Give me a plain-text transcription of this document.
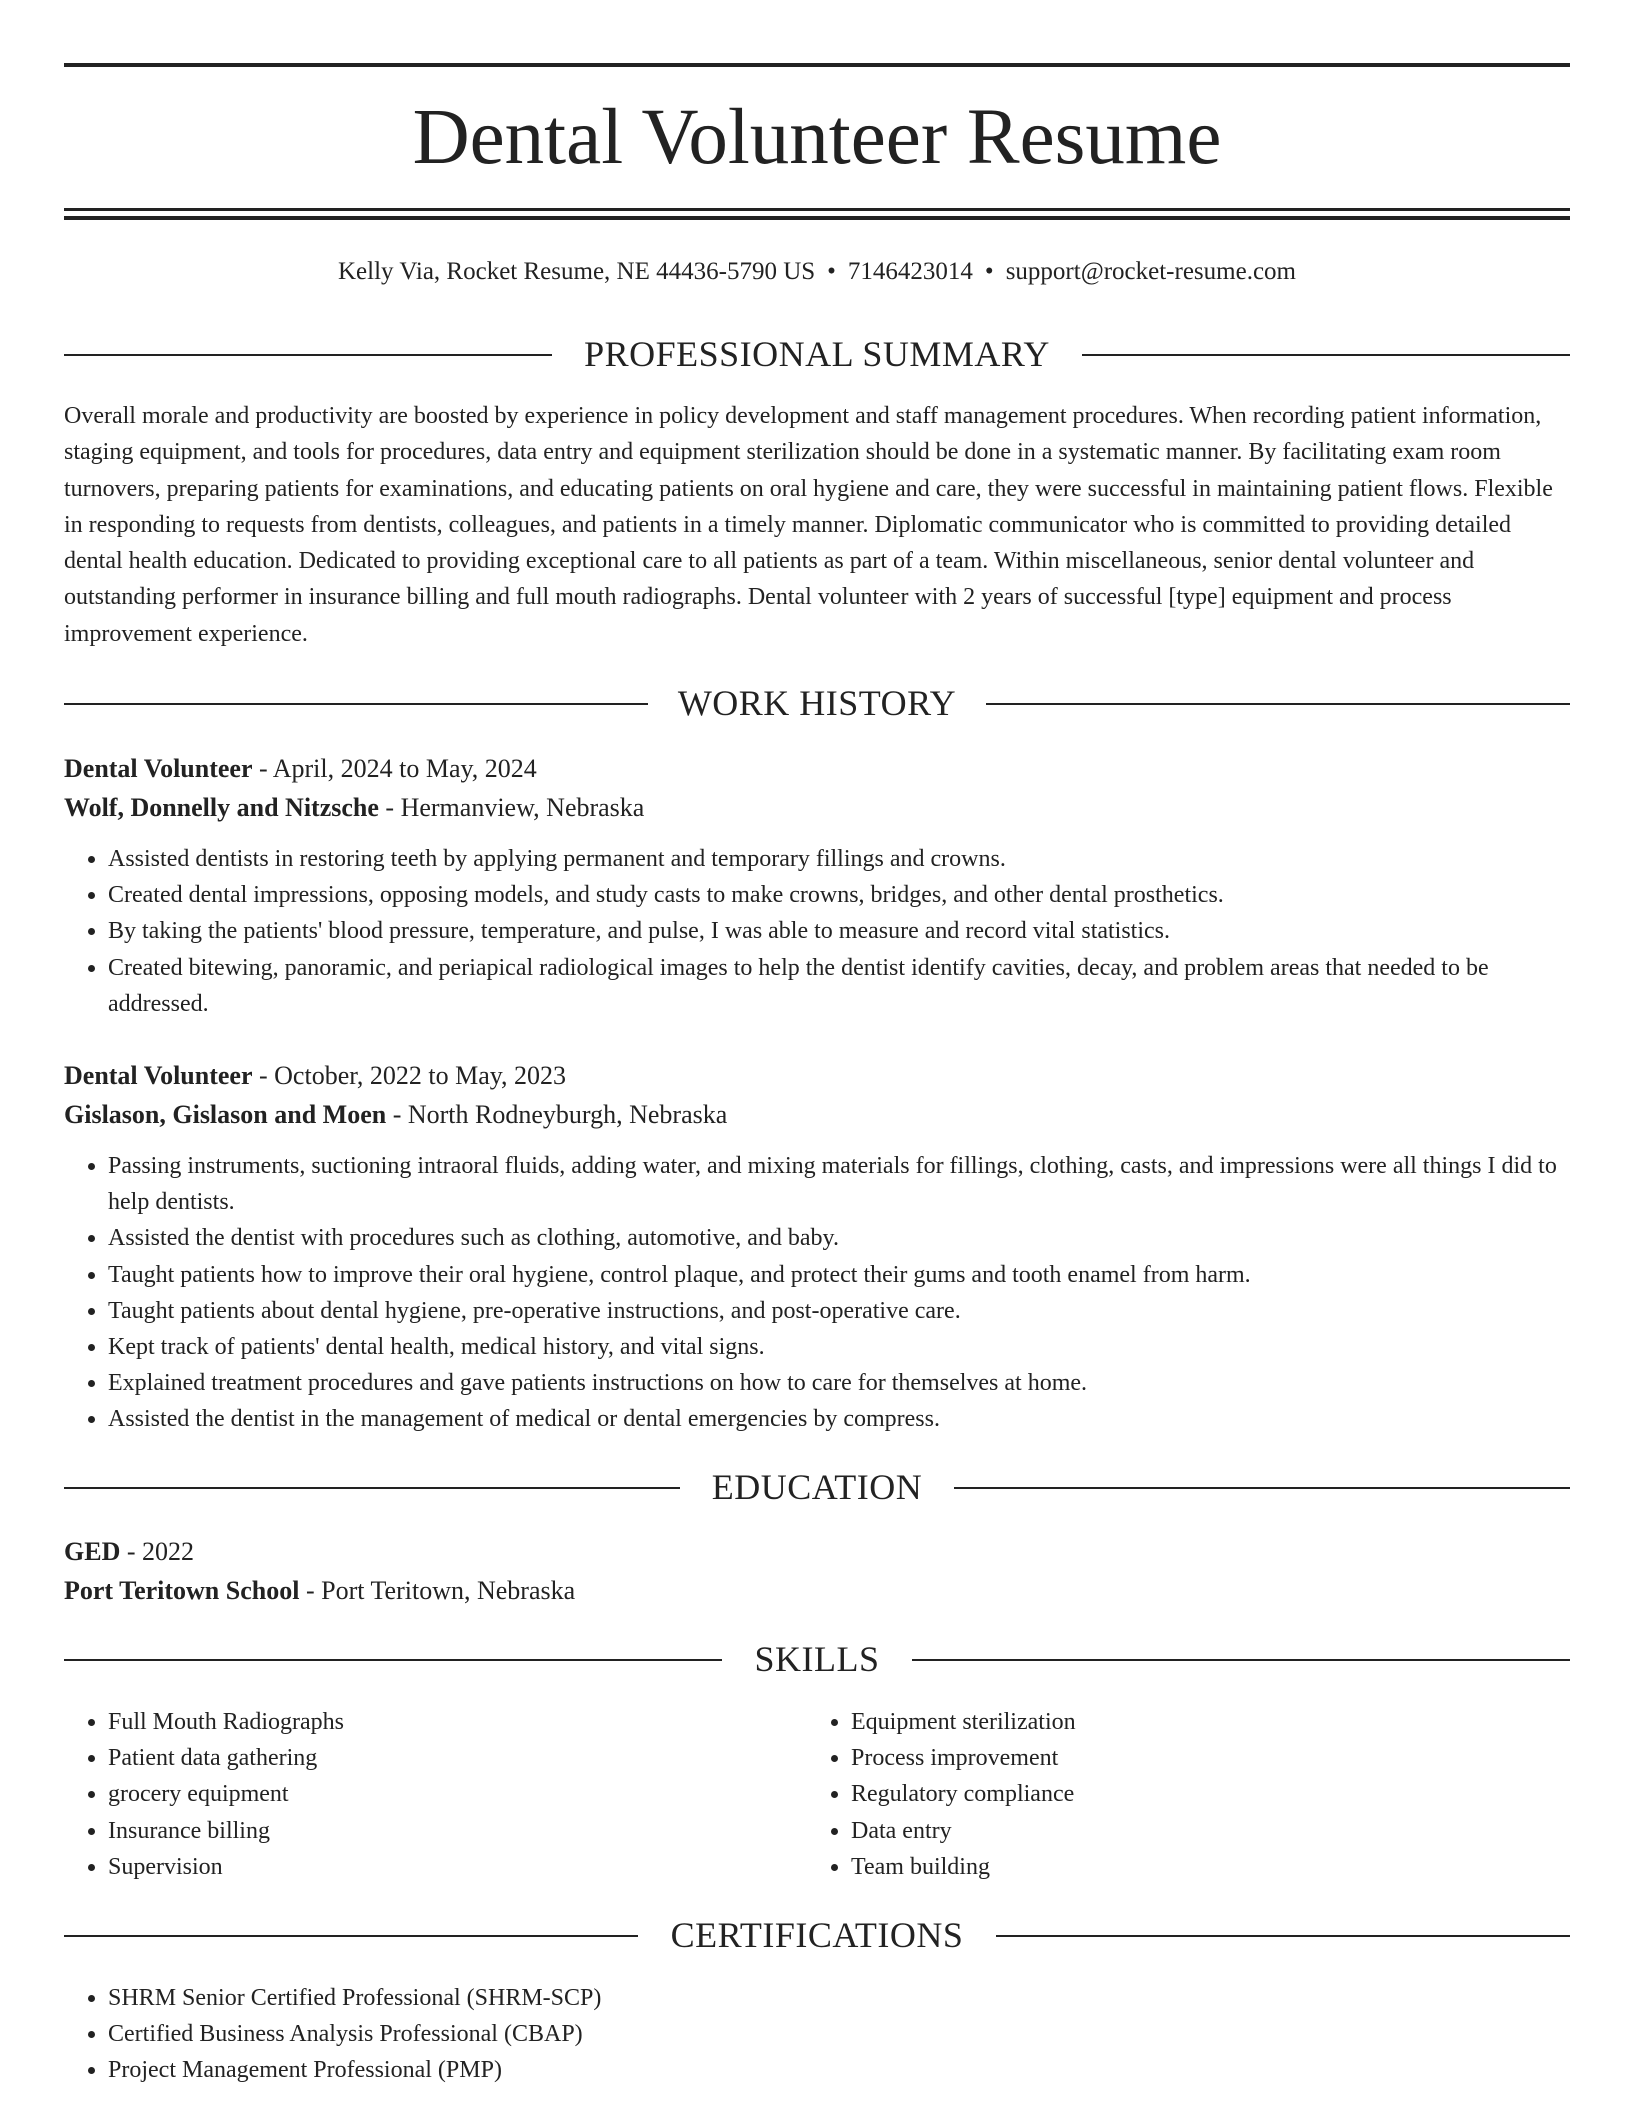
Dental Volunteer Resume
Kelly Via, Rocket Resume, NE 44436-5790 US • 7146423014 • support@rocket-resume.com
PROFESSIONAL SUMMARY

Overall morale and productivity are boosted by experience in policy development and staff management procedures. When recording patient information, staging equipment, and tools for procedures, data entry and equipment sterilization should be done in a systematic manner. By facilitating exam room turnovers, preparing patients for examinations, and educating patients on oral hygiene and care, they were successful in maintaining patient flows. Flexible in responding to requests from dentists, colleagues, and patients in a timely manner. Diplomatic communicator who is committed to providing detailed dental health education. Dedicated to providing exceptional care to all patients as part of a team. Within miscellaneous, senior dental volunteer and outstanding performer in insurance billing and full mouth radiographs. Dental volunteer with 2 years of successful [type] equipment and process improvement experience.

WORK HISTORY
Dental Volunteer - April, 2024 to May, 2024
Wolf, Donnelly and Nitzsche - Hermanview, Nebraska
• Assisted dentists in restoring teeth by applying permanent and temporary fillings and crowns.
• Created dental impressions, opposing models, and study casts to make crowns, bridges, and other dental prosthetics.
• By taking the patients' blood pressure, temperature, and pulse, I was able to measure and record vital statistics.
• Created bitewing, panoramic, and periapical radiological images to help the dentist identify cavities, decay, and problem areas that needed to be addressed.
Dental Volunteer - October, 2022 to May, 2023
Gislason, Gislason and Moen - North Rodneyburgh, Nebraska
• Passing instruments, suctioning intraoral fluids, adding water, and mixing materials for fillings, clothing, casts, and impressions were all things I did to help dentists.
• Assisted the dentist with procedures such as clothing, automotive, and baby.
• Taught patients how to improve their oral hygiene, control plaque, and protect their gums and tooth enamel from harm.
• Taught patients about dental hygiene, pre-operative instructions, and post-operative care.
• Kept track of patients' dental health, medical history, and vital signs.
• Explained treatment procedures and gave patients instructions on how to care for themselves at home.
• Assisted the dentist in the management of medical or dental emergencies by compress.
EDUCATION
GED - 2022
Port Teritown School - Port Teritown, Nebraska
SKILLS
• Full Mouth Radiographs
• Patient data gathering
• grocery equipment
• Insurance billing
• Supervision
• Equipment sterilization
• Process improvement
• Regulatory compliance
• Data entry
• Team building
CERTIFICATIONS
• SHRM Senior Certified Professional (SHRM-SCP)
• Certified Business Analysis Professional (CBAP)
• Project Management Professional (PMP)
